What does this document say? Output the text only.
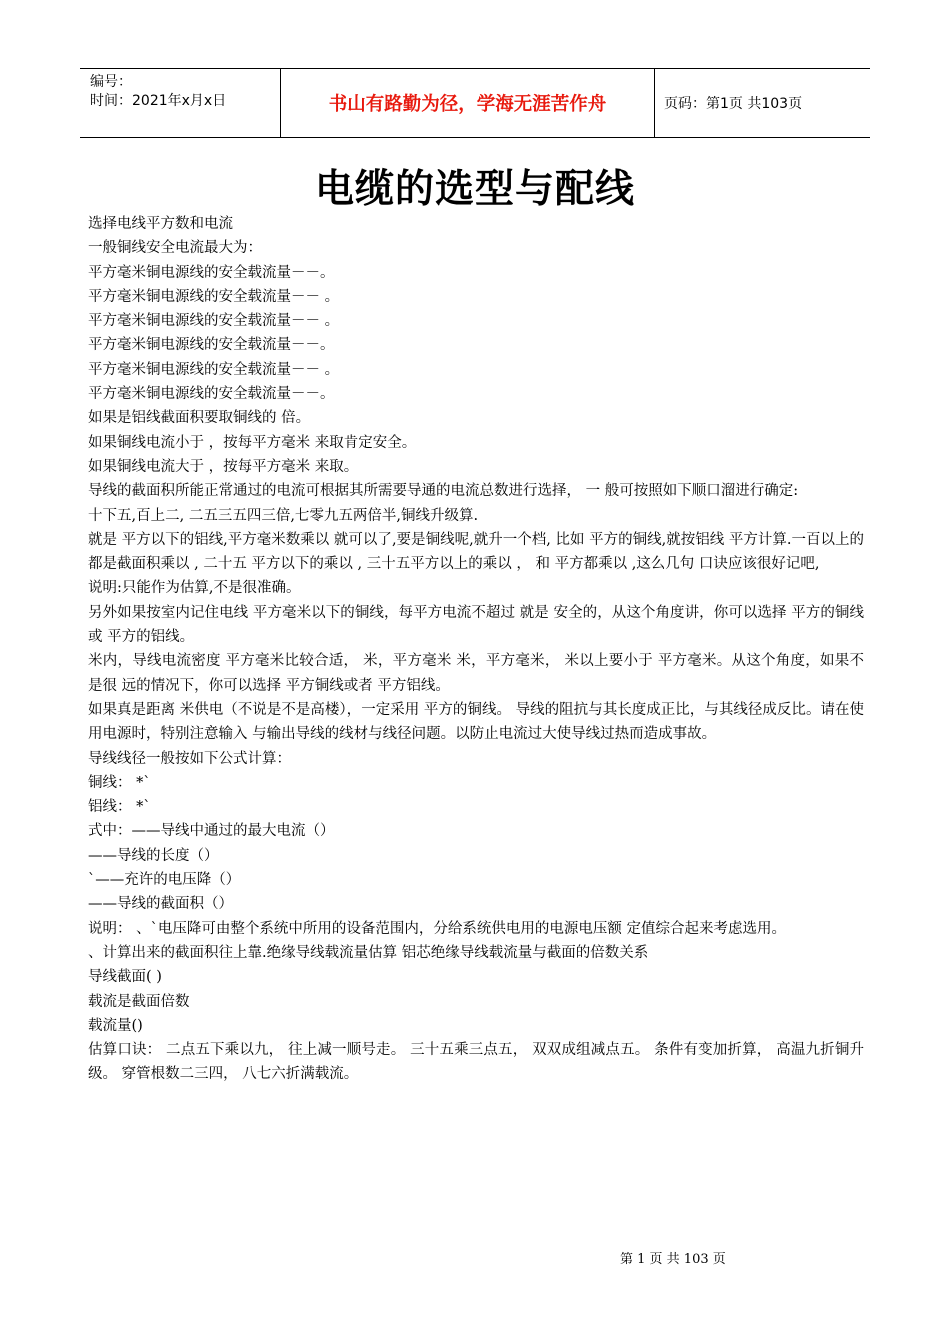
编号：
时间：2021年x月x日	书山有路勤为径，学海无涯苦作舟	页码：第1页 共103页
电缆的选型与配线

选择电线平方数和电流

一般铜线安全电流最大为：

平方毫米铜电源线的安全载流量－－。

平方毫米铜电源线的安全载流量－－ 。

平方毫米铜电源线的安全载流量－－ 。

平方毫米铜电源线的安全载流量－－。

平方毫米铜电源线的安全载流量－－ 。

平方毫米铜电源线的安全载流量－－。

如果是铝线截面积要取铜线的 倍。

如果铜线电流小于 ，按每平方毫米 来取肯定安全。

如果铜线电流大于 ，按每平方毫米 来取。

导线的截面积所能正常通过的电流可根据其所需要导通的电流总数进行选择， 一 般可按照如下顺口溜进行确定:

十下五,百上二, 二五三五四三倍,七零九五两倍半,铜线升级算.

就是 平方以下的铝线,平方毫米数乘以 就可以了,要是铜线呢,就升一个档, 比如 平方的铜线,就按铝线 平方计算.一百以上的都是截面积乘以 , 二十五 平方以下的乘以 , 三十五平方以上的乘以 ， 和 平方都乘以 ,这么几句 口诀应该很好记吧,

说明:只能作为估算,不是很准确。

另外如果按室内记住电线 平方毫米以下的铜线，每平方电流不超过 就是 安全的，从这个角度讲，你可以选择 平方的铜线或 平方的铝线。

米内，导线电流密度 平方毫米比较合适， 米，平方毫米 米，平方毫米， 米以上要小于 平方毫米。从这个角度，如果不是很 远的情况下，你可以选择 平方铜线或者 平方铝线。

如果真是距离 米供电（不说是不是高楼），一定采用 平方的铜线。 导线的阻抗与其长度成正比，与其线径成反比。请在使用电源时，特别注意输入 与输出导线的线材与线径问题。以防止电流过大使导线过热而造成事故。

导线线径一般按如下公式计算：

铜线： *`

铝线： *`

式中：——导线中通过的最大电流（）

——导线的长度（）

`——充许的电压降（）

——导线的截面积（）

说明： 、`电压降可由整个系统中所用的设备范围内，分给系统供电用的电源电压额 定值综合起来考虑选用。

、计算出来的截面积往上靠.绝缘导线载流量估算 铝芯绝缘导线载流量与截面的倍数关系

导线截面( )

载流是截面倍数

载流量()

估算口诀： 二点五下乘以九， 往上减一顺号走。 三十五乘三点五， 双双成组减点五。 条件有变加折算， 高温九折铜升级。 穿管根数二三四， 八七六折满载流。

第 1 页 共 103 页
